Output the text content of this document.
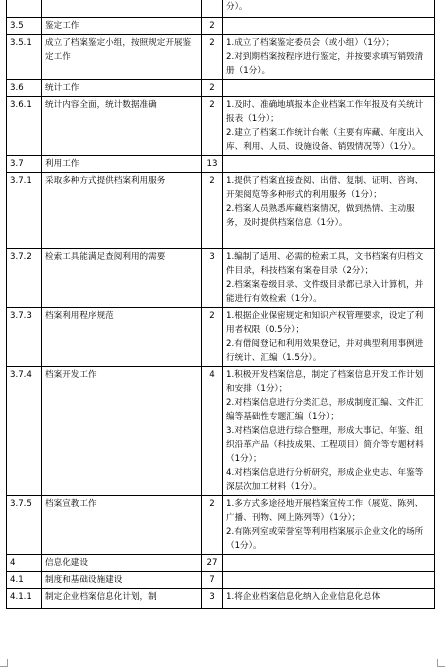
			分）。

3.5	鉴定工作	2	

3.5.1	成立了档案鉴定小组，按照规定开展鉴定工作	2	1.成立了档案鉴定委员会（或小组）（1分）；

2.对到期档案按程序进行鉴定，并按要求填写销毁清册（1分）。

3.6	统计工作	2	

3.6.1	统计内容全面，统计数据准确	2	1.及时、准确地填报本企业档案工作年报及有关统计报表（1分）；

2.建立了档案工作统计台帐（主要有库藏、年度出入库、利用、人员、设施设备、销毁情况等）（1分）。

3.7	利用工作	13	

3.7.1	采取多种方式提供档案利用服务	2	1.提供了档案直接查阅、出借、复制、证明、咨询、开架阅览等多种形式的利用服务（1分）；

2.档案人员熟悉库藏档案情况，做到热情、主动服务，及时提供档案信息（1分）。

3.7.2	检索工具能满足查阅利用的需要	3	1.编制了适用、必需的检索工具，文书档案有归档文件目录，科技档案有案卷目录（2分）；

2.档案案卷级目录、文件级目录都已录入计算机，并能进行有效检索（1分）。

3.7.3	档案利用程序规范	2	1.根据企业保密规定和知识产权管理要求，设定了利用者权限（0.5分）；

2.有借阅登记和利用效果登记，并对典型利用事例进行统计、汇编（1.5分）。

3.7.4	档案开发工作	4	1.积极开发档案信息，制定了档案信息开发工作计划和安排（1分）；

2.对档案信息进行分类汇总，形成制度汇编、文件汇编等基础性专题汇编（1分）；

3.对档案信息进行综合整理，形成大事记、年鉴、组织沿革产品（科技成果、工程项目）简介等专题材料（1分）；

4.对档案信息进行分析研究，形成企业史志、年鉴等深层次加工材料（1分）。

3.7.5	档案宣教工作	2	1.多方式多途径地开展档案宣传工作（展览、陈列、广播、刊物、网上陈列等）（1分）；

2.有陈列室或荣誉室等利用档案展示企业文化的场所（1分）。

4	信息化建设	27	

4.1	制度和基础设施建设	7	

4.1.1	制定企业档案信息化计划，制	3	1.将企业档案信息化纳入企业信息化总体
